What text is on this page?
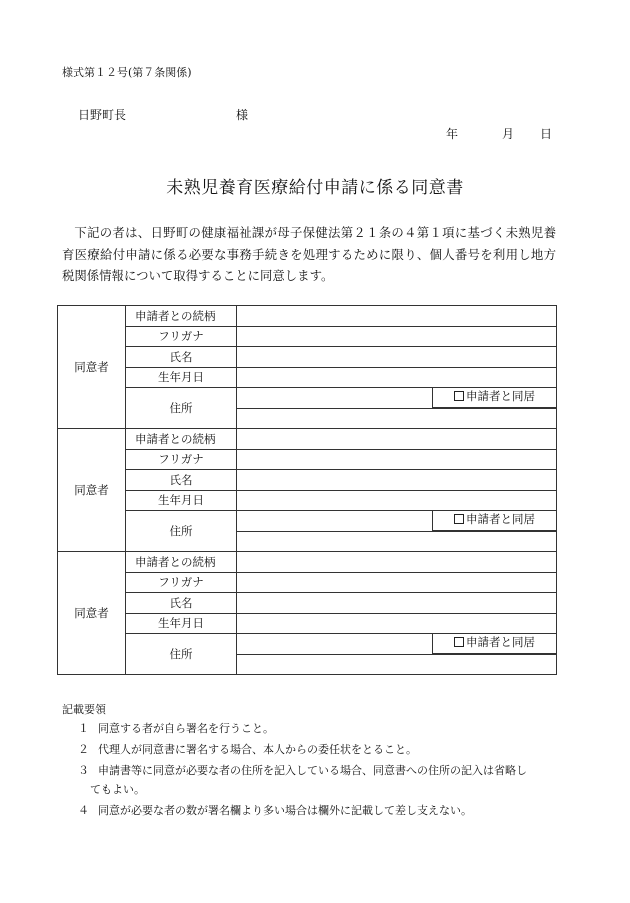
様式第１２号(第７条関係)
日野町長	様
年	月 日
未熟児養育医療給付申請に係る同意書
下記の者は、日野町の健康福祉課が母子保健法第２１条の４第１項に基づく未熟児養育医療給付申請に係る必要な事務手続きを処理するために限り、個人番号を利用し地方税関係情報について取得することに同意します。
同意者	申請者との続柄	
	フリガナ	
	氏名	
	生年月日	
	住所	申請者と同居

同意者	申請者との続柄	
	フリガナ	
	氏名	
	生年月日	
	住所	申請者と同居

同意者	申請者との続柄	
	フリガナ	
	氏名	
	生年月日	
	住所	申請者と同居

記載要領
１ 同意する者が自ら署名を行うこと。
２ 代理人が同意書に署名する場合、本人からの委任状をとること。
３ 申請書等に同意が必要な者の住所を記入している場合、同意書への住所の記入は省略し
てもよい。
４ 同意が必要な者の数が署名欄より多い場合は欄外に記載して差し支えない。
